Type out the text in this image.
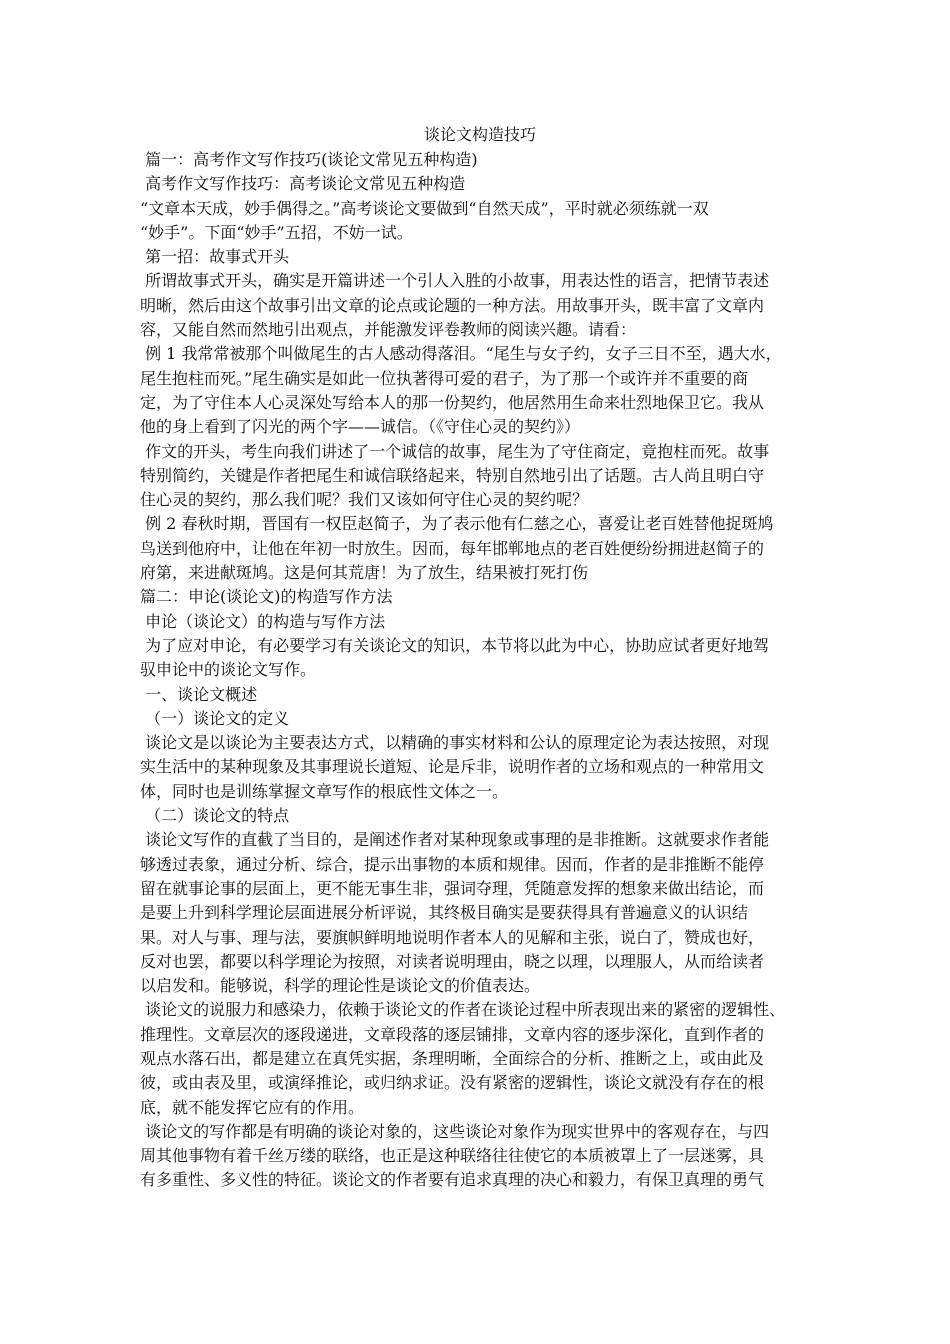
谈论文构造技巧
篇一：高考作文写作技巧(谈论文常见五种构造)
高考作文写作技巧：高考谈论文常见五种构造
“文章本天成，妙手偶得之。”高考谈论文要做到“自然天成”，平时就必须练就一双
“妙手”。下面“妙手”五招，不妨一试。
第一招：故事式开头
所谓故事式开头，确实是开篇讲述一个引人入胜的小故事，用表达性的语言，把情节表述
明晰，然后由这个故事引出文章的论点或论题的一种方法。用故事开头，既丰富了文章内
容，又能自然而然地引出观点，并能激发评卷教师的阅读兴趣。请看：
例 1 我常常被那个叫做尾生的古人感动得落泪。“尾生与女子约，女子三日不至，遇大水，
尾生抱柱而死。”尾生确实是如此一位执著得可爱的君子，为了那一个或许并不重要的商
定，为了守住本人心灵深处写给本人的那一份契约，他居然用生命来壮烈地保卫它。我从
他的身上看到了闪光的两个字——诚信。（《守住心灵的契约》）
作文的开头，考生向我们讲述了一个诚信的故事，尾生为了守住商定，竟抱柱而死。故事
特别简约，关键是作者把尾生和诚信联络起来，特别自然地引出了话题。古人尚且明白守
住心灵的契约，那么我们呢？我们又该如何守住心灵的契约呢？
例 2 春秋时期，晋国有一权臣赵简子，为了表示他有仁慈之心，喜爱让老百姓替他捉斑鸠
鸟送到他府中，让他在年初一时放生。因而，每年邯郸地点的老百姓便纷纷拥进赵简子的
府第，来进献斑鸠。这是何其荒唐！为了放生，结果被打死打伤
篇二：申论(谈论文)的构造写作方法
申论（谈论文）的构造与写作方法
为了应对申论，有必要学习有关谈论文的知识，本节将以此为中心，协助应试者更好地驾
驭申论中的谈论文写作。
一、谈论文概述
（一）谈论文的定义
谈论文是以谈论为主要表达方式，以精确的事实材料和公认的原理定论为表达按照，对现
实生活中的某种现象及其事理说长道短、论是斥非，说明作者的立场和观点的一种常用文
体，同时也是训练掌握文章写作的根底性文体之一。
（二）谈论文的特点
谈论文写作的直截了当目的，是阐述作者对某种现象或事理的是非推断。这就要求作者能
够透过表象，通过分析、综合，提示出事物的本质和规律。因而，作者的是非推断不能停
留在就事论事的层面上，更不能无事生非，强词夺理，凭随意发挥的想象来做出结论，而
是要上升到科学理论层面进展分析评说，其终极目确实是要获得具有普遍意义的认识结
果。对人与事、理与法，要旗帜鲜明地说明作者本人的见解和主张，说白了，赞成也好，
反对也罢，都要以科学理论为按照，对读者说明理由，晓之以理，以理服人，从而给读者
以启发和。能够说，科学的理论性是谈论文的价值表达。
谈论文的说服力和感染力，依赖于谈论文的作者在谈论过程中所表现出来的紧密的逻辑性、
推理性。文章层次的逐段递进，文章段落的逐层铺排，文章内容的逐步深化，直到作者的
观点水落石出，都是建立在真凭实据，条理明晰，全面综合的分析、推断之上，或由此及
彼，或由表及里，或演绎推论，或归纳求证。没有紧密的逻辑性，谈论文就没有存在的根
底，就不能发挥它应有的作用。
谈论文的写作都是有明确的谈论对象的，这些谈论对象作为现实世界中的客观存在，与四
周其他事物有着千丝万缕的联络，也正是这种联络往往使它的本质被罩上了一层迷雾，具
有多重性、多义性的特征。谈论文的作者要有追求真理的决心和毅力，有保卫真理的勇气
